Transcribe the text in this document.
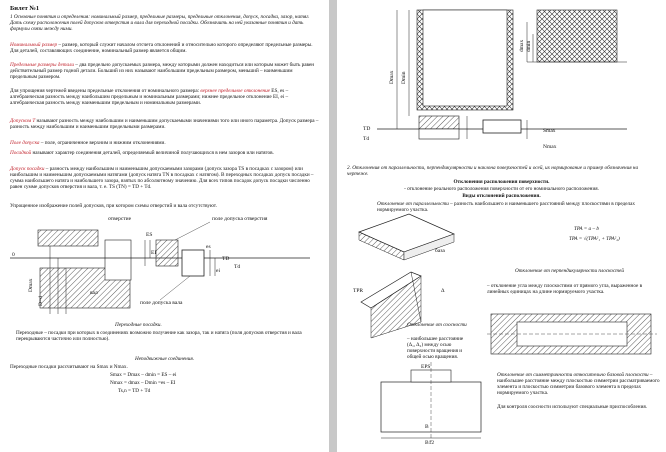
Билет №1
1 Основные понятия и определения: номинальный размер, предельные размеры, предельные отклонения, допуск, посадка, зазор, натяг. Дать схему расположения полей допусков отверстия и вала для переходной посадки. Обозначить на ней указанные понятия и дать формулы связи между ними.
Номинальный размер – размер, который служит началом отсчета отклонений и относительно которого определяют предельные размеры. Для деталей, составляющих соединение, номинальный размер является общим.
Предельные размеры детали – два предельно допускаемых размера, между которыми должен находиться или которым может быть равен действительный размер годной детали. Больший из них называют наибольшим предельным размером, меньший – наименьшим предельным размером.
Для упрощения чертежей введены предельные отклонения от номинального размера: верхнее предельное отклонение ES, es – алгебраическая разность между наибольшим предельным и номинальным размерами; нижнее предельное отклонение EI, ei – алгебраическая разность между наименьшим предельным и номинальным размерами.
Допуском T называют разность между наибольшим и наименьшим допускаемыми значениями того или иного параметра. Допуск размера – разность между наибольшим и наименьшим предельными размерами.
Поле допуска – поле, ограниченное верхним и нижним отклонениями.
Посадкой называют характер соединения деталей, определяемый величиной получающихся в нем зазоров или натягов.
Допуск посадки – разность между наибольшим и наименьшим допускаемыми зазорами (допуск зазора TS в посадках с зазором) или наибольшим и наименьшим допускаемыми натягами (допуск натяга TN в посадках с натягом). В переходных посадках допуск посадки – сумма наибольшего натяга и наибольшего зазора, взятых по абсолютному значению. Для всех типов посадок допуск посадки численно равен сумме допусков отверстия и вала, т. е. TS (TN) = TD + Td.
Упрощенное изображение полей допусков, при котором схемы отверстий и вала отсутствуют.
отверстие	поле допуска отверстия
поле допуска вала
вал
Dmax
D=d
ES
EI
es
ei
TD
Td
0
Переходные посадки.
Переходные – посадки при которых в соединениях возможно получение как зазора, так и натяга (поля допусков отверстия и вала перекрываются частично или полностью).
Неподвижные соединения.
Переходные посадки рассчитывают на Smax и Nmax.
Smax = Dmax – dmin = ES – ei
Nmax = dmax – Dmin =es – EI
Ts,n = TD + Td
Dmax Dmin
dmax dmin
TD
Td
Smax
Nmax
2. Отклонения от параллельности, перпендикулярности и наклона поверхностей и осей, их нормирование и пример обозначения на чертеже.
Отклонения расположения поверхности.
- отклонение реального расположения поверхности от его номинального расположения.
Виды отклонений расположения.
Отклонение от параллельности – разность наибольшего и наименьшего расстояний между плоскостями в пределах нормируемого участка.
база
TPA = a – b
TPA = √(TPA²₁ + TPA²₂)
Отклонение от перпендикулярности плоскостей
– отклонение угла между плоскостями от прямого угла, выраженное в линейных единицах на длине нормируемого участка.
TPR	Δ
Отклонение от соосности
– наибольшее расстояние (Δ₁, Δ₂) между осью поверхности вращения и общей осью вращения.
EPS
B12
B
Отклонение от симметричности относительно базовой плоскости – наибольшее расстояние между плоскостью симметрии рассматриваемого элемента и плоскостью симметрии базового элемента в пределах нормируемого участка.
Для контроля соосности используют специальные приспособления.
